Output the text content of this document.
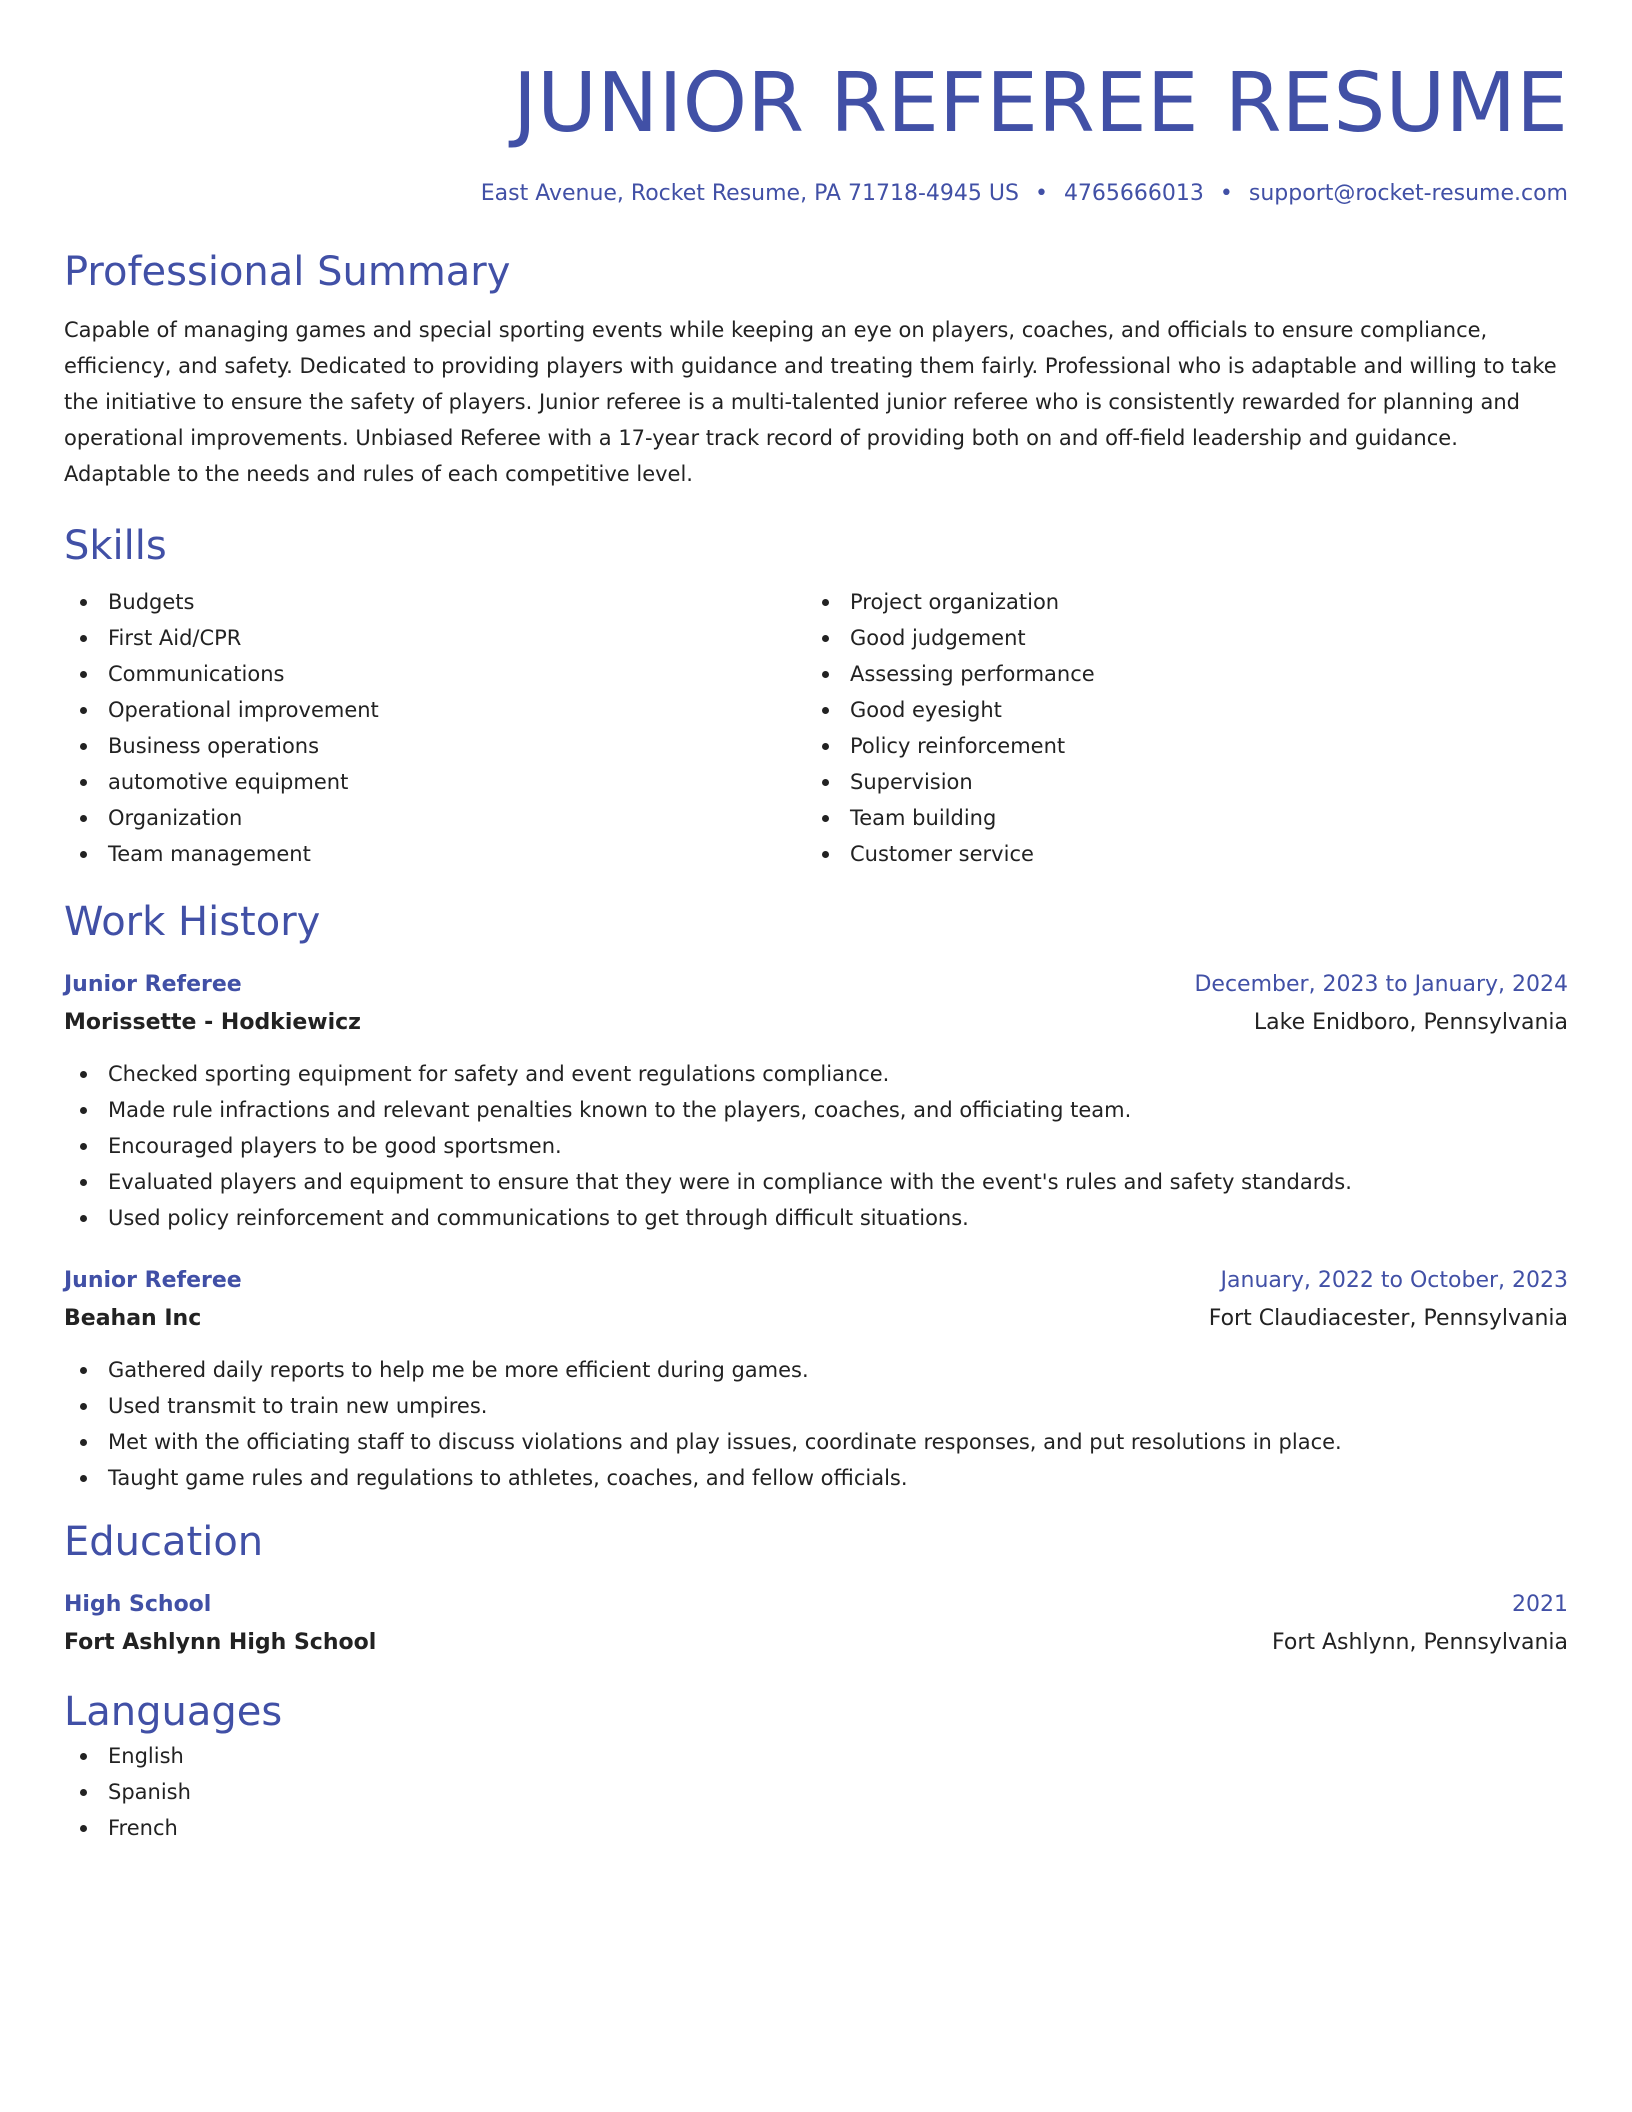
JUNIOR REFEREE RESUME
East Avenue, Rocket Resume, PA 71718-4945 US • 4765666013 • support@rocket-resume.com
Professional Summary
Capable of managing games and special sporting events while keeping an eye on players, coaches, and officials to ensure compliance, efficiency, and safety. Dedicated to providing players with guidance and treating them fairly. Professional who is adaptable and willing to take the initiative to ensure the safety of players. Junior referee is a multi-talented junior referee who is consistently rewarded for planning and operational improvements. Unbiased Referee with a 17-year track record of providing both on and off-field leadership and guidance. Adaptable to the needs and rules of each competitive level.
Skills
Budgets
First Aid/CPR
Communications
Operational improvement
Business operations
automotive equipment
Organization
Team management
Project organization
Good judgement
Assessing performance
Good eyesight
Policy reinforcement
Supervision
Team building
Customer service
Work History
Junior Referee	December, 2023 to January, 2024
Morissette - Hodkiewicz	Lake Enidboro, Pennsylvania
Checked sporting equipment for safety and event regulations compliance.
Made rule infractions and relevant penalties known to the players, coaches, and officiating team.
Encouraged players to be good sportsmen.
Evaluated players and equipment to ensure that they were in compliance with the event's rules and safety standards.
Used policy reinforcement and communications to get through difficult situations.
Junior Referee	January, 2022 to October, 2023
Beahan Inc	Fort Claudiacester, Pennsylvania
Gathered daily reports to help me be more efficient during games.
Used transmit to train new umpires.
Met with the officiating staff to discuss violations and play issues, coordinate responses, and put resolutions in place.
Taught game rules and regulations to athletes, coaches, and fellow officials.
Education
High School	2021
Fort Ashlynn High School	Fort Ashlynn, Pennsylvania
Languages
English
Spanish
French
